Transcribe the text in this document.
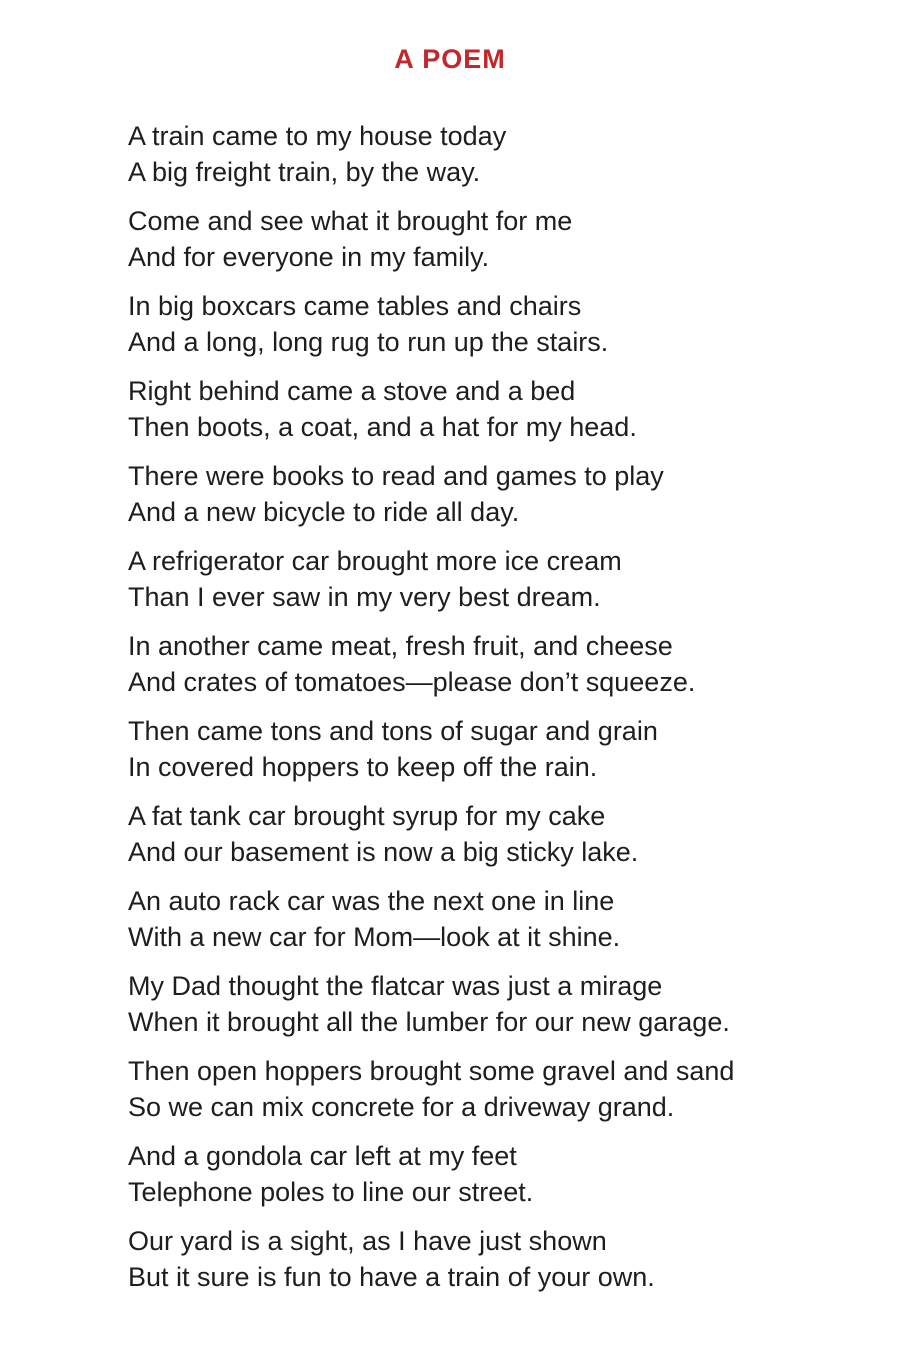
A POEM
A train came to my house today
A big freight train, by the way.
Come and see what it brought for me
And for everyone in my family.
In big boxcars came tables and chairs
And a long, long rug to run up the stairs.
Right behind came a stove and a bed
Then boots, a coat, and a hat for my head.
There were books to read and games to play
And a new bicycle to ride all day.
A refrigerator car brought more ice cream
Than I ever saw in my very best dream.
In another came meat, fresh fruit, and cheese
And crates of tomatoes—please don’t squeeze.
Then came tons and tons of sugar and grain
In covered hoppers to keep off the rain.
A fat tank car brought syrup for my cake
And our basement is now a big sticky lake.
An auto rack car was the next one in line
With a new car for Mom—look at it shine.
My Dad thought the flatcar was just a mirage
When it brought all the lumber for our new garage.
Then open hoppers brought some gravel and sand
So we can mix concrete for a driveway grand.
And a gondola car left at my feet
Telephone poles to line our street.
Our yard is a sight, as I have just shown
But it sure is fun to have a train of your own.
